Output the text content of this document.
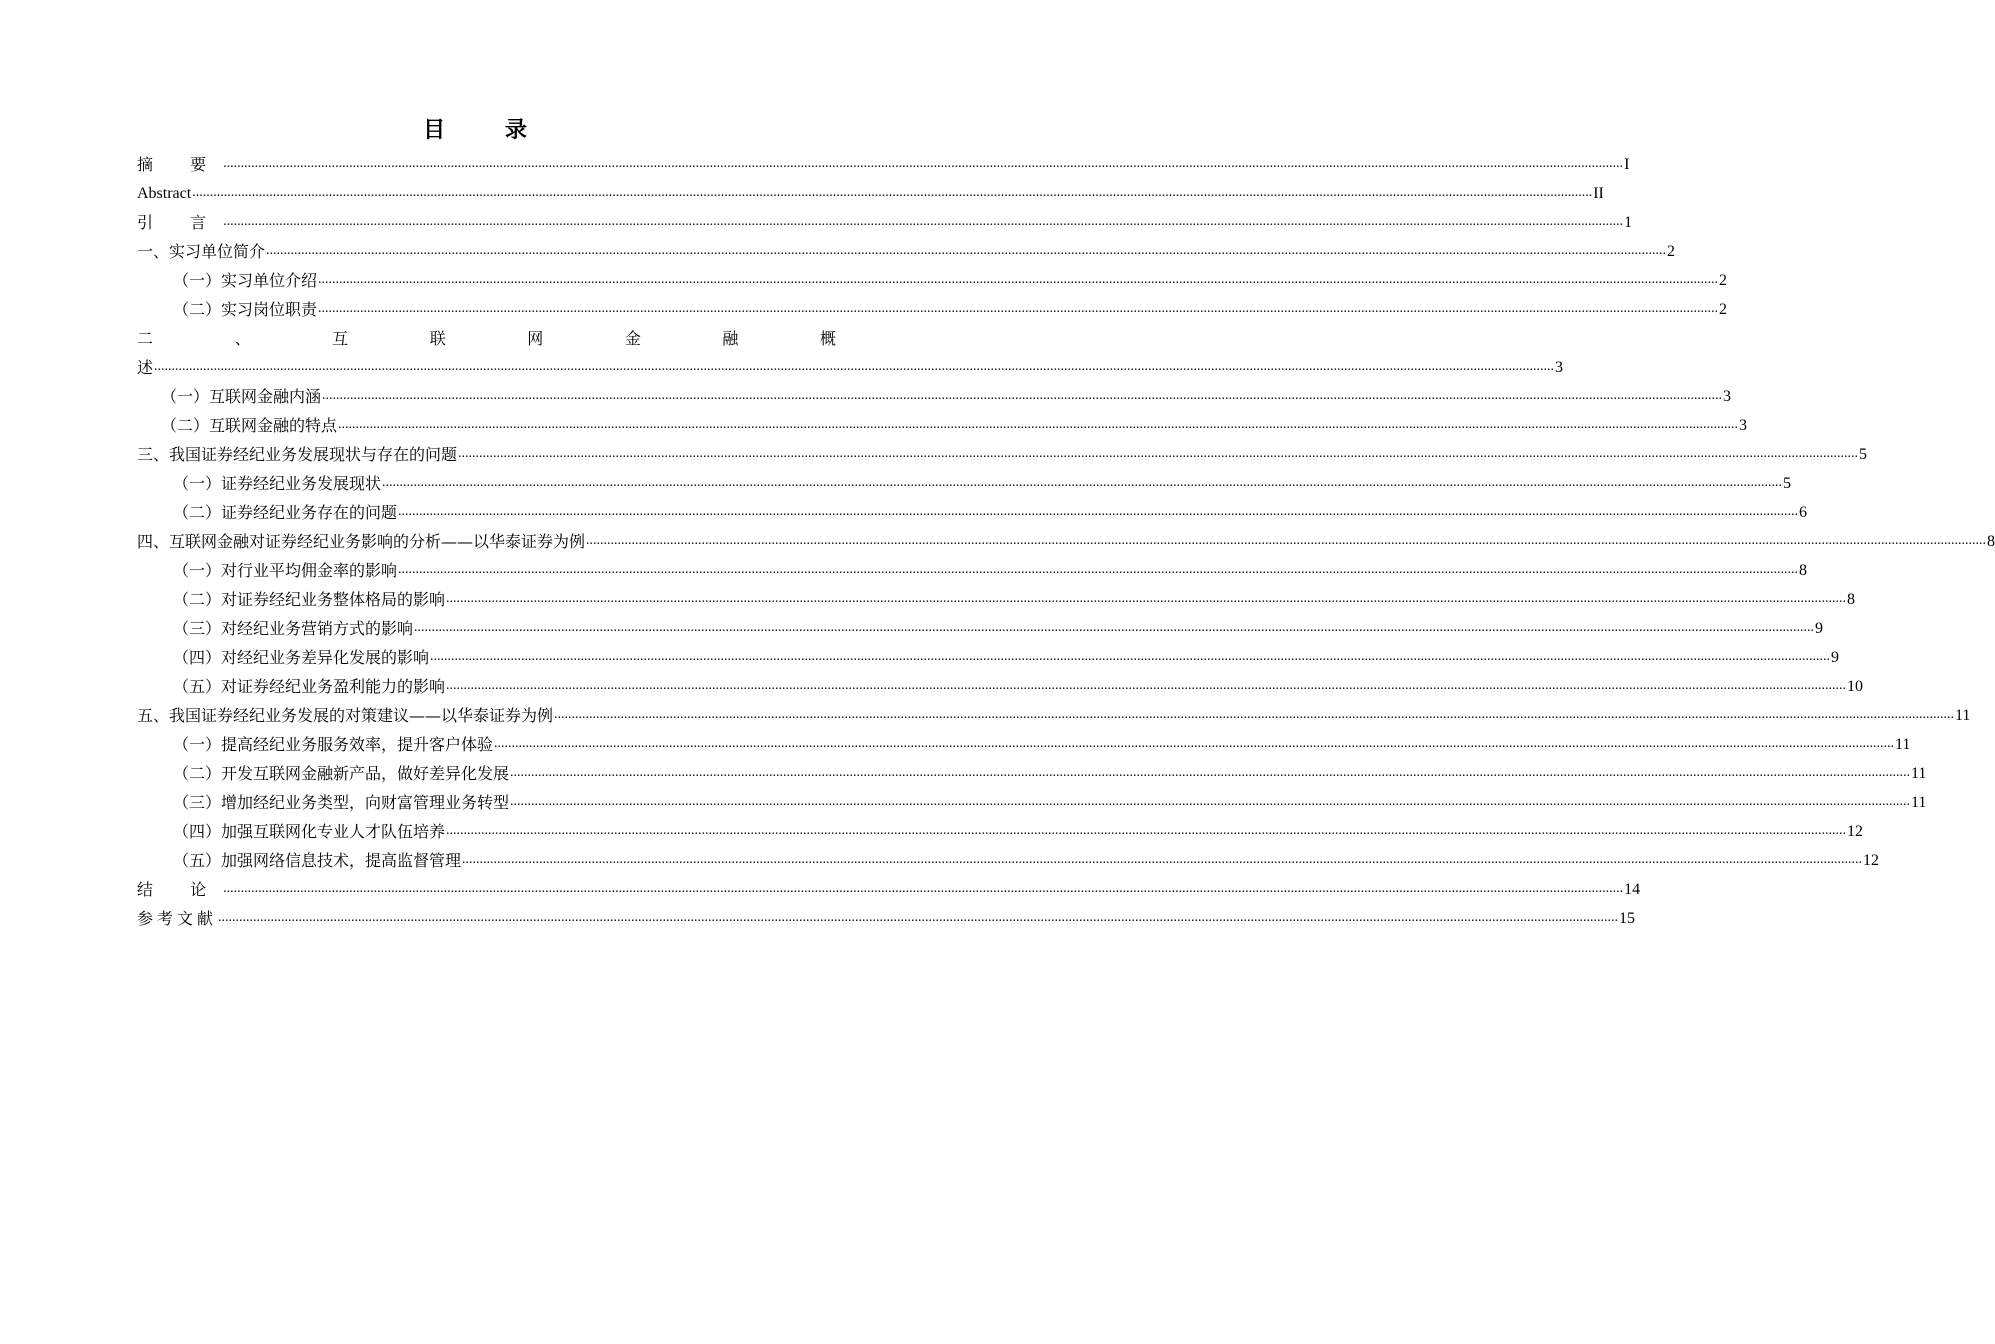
目 录
摘 要 ................................................................................................................................................................................................................................................................................................................................................................................................................ I
Abstract ................................................................................................................................................................................................................................................................................................................................................................................................................ II
引 言 ................................................................................................................................................................................................................................................................................................................................................................................................................ 1
一、实习单位简介 ................................................................................................................................................................................................................................................................................................................................................................................................................ 2
（一）实习单位介绍 ................................................................................................................................................................................................................................................................................................................................................................................................................ 2
（二）实习岗位职责 ................................................................................................................................................................................................................................................................................................................................................................................................................ 2
二	、	互	联	网	金	融	概
述 ................................................................................................................................................................................................................................................................................................................................................................................................................ 3
（一）互联网金融内涵 ................................................................................................................................................................................................................................................................................................................................................................................................................ 3
（二）互联网金融的特点 ................................................................................................................................................................................................................................................................................................................................................................................................................ 3
三、我国证券经纪业务发展现状与存在的问题 ................................................................................................................................................................................................................................................................................................................................................................................................................ 5
（一）证券经纪业务发展现状 ................................................................................................................................................................................................................................................................................................................................................................................................................ 5
（二）证券经纪业务存在的问题 ................................................................................................................................................................................................................................................................................................................................................................................................................ 6
四、互联网金融对证券经纪业务影响的分析——以华泰证券为例 ................................................................................................................................................................................................................................................................................................................................................................................................................ 8
（一）对行业平均佣金率的影响 ................................................................................................................................................................................................................................................................................................................................................................................................................ 8
（二）对证券经纪业务整体格局的影响 ................................................................................................................................................................................................................................................................................................................................................................................................................ 8
（三）对经纪业务营销方式的影响 ................................................................................................................................................................................................................................................................................................................................................................................................................ 9
（四）对经纪业务差异化发展的影响 ................................................................................................................................................................................................................................................................................................................................................................................................................ 9
（五）对证券经纪业务盈利能力的影响 ................................................................................................................................................................................................................................................................................................................................................................................................................ 10
五、我国证券经纪业务发展的对策建议——以华泰证券为例 ................................................................................................................................................................................................................................................................................................................................................................................................................ 11
（一）提高经纪业务服务效率，提升客户体验 ................................................................................................................................................................................................................................................................................................................................................................................................................ 11
（二）开发互联网金融新产品，做好差异化发展 ................................................................................................................................................................................................................................................................................................................................................................................................................ 11
（三）增加经纪业务类型，向财富管理业务转型 ................................................................................................................................................................................................................................................................................................................................................................................................................ 11
（四）加强互联网化专业人才队伍培养 ................................................................................................................................................................................................................................................................................................................................................................................................................ 12
（五）加强网络信息技术，提高监督管理 ................................................................................................................................................................................................................................................................................................................................................................................................................ 12
结 论 ................................................................................................................................................................................................................................................................................................................................................................................................................ 14
参考文献 ................................................................................................................................................................................................................................................................................................................................................................................................................ 15
